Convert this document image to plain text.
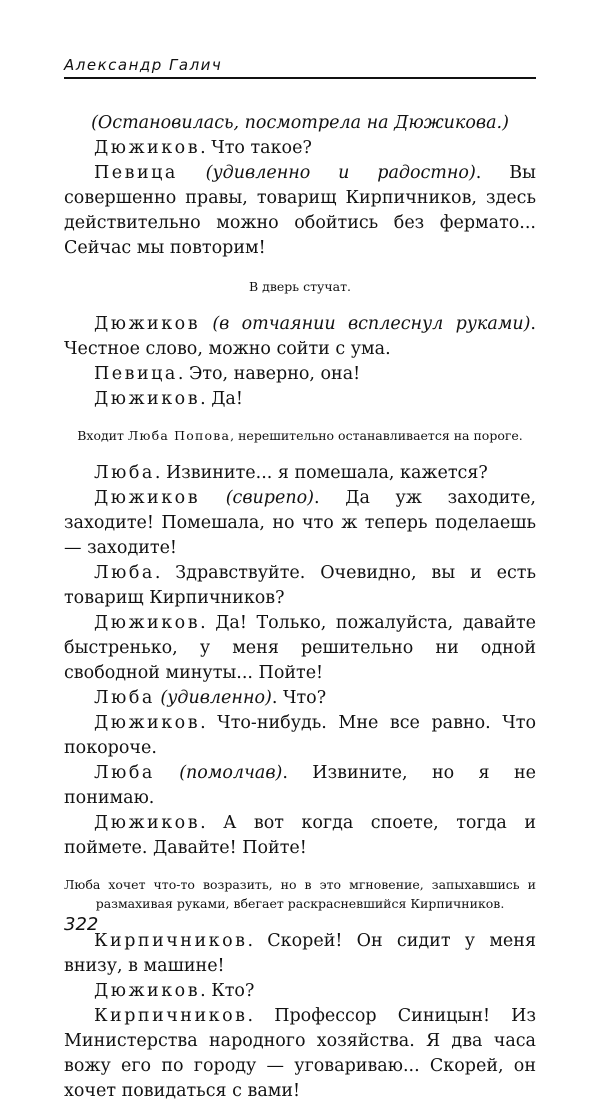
Александр Галич

(Остановилась, посмотрела на Дюжикова.)

Дюжиков. Что такое?

Певица (удивленно и радостно). Вы совершенно правы, товарищ Кирпичников, здесь действительно можно обойтись без фермато... Сейчас мы повторим!

В дверь стучат.

Дюжиков (в отчаянии всплеснул руками). Честное слово, можно сойти с ума.

Певица. Это, наверно, она!

Дюжиков. Да!

Входит Люба Попова, нерешительно останавливается на пороге.

Люба. Извините... я помешала, кажется?

Дюжиков (свирепо). Да уж заходите, заходите! Помешала, но что ж теперь поделаешь — заходите!

Люба. Здравствуйте. Очевидно, вы и есть товарищ Кирпичников?

Дюжиков. Да! Только, пожалуйста, давайте быстренько, у меня решительно ни одной свободной минуты... Пойте!

Люба (удивленно). Что?

Дюжиков. Что-нибудь. Мне все равно. Что покороче.

Люба (помолчав). Извините, но я не понимаю.

Дюжиков. А вот когда споете, тогда и поймете. Давайте! Пойте!

Люба хочет что-то возразить, но в это мгновение, запыхавшись и размахивая руками, вбегает раскрасневшийся Кирпичников.

Кирпичников. Скорей! Он сидит у меня внизу, в машине!

Дюжиков. Кто?

Кирпичников. Профессор Синицын! Из Министерства народного хозяйства. Я два часа вожу его по городу — уговариваю... Скорей, он хочет повидаться с вами!

322
